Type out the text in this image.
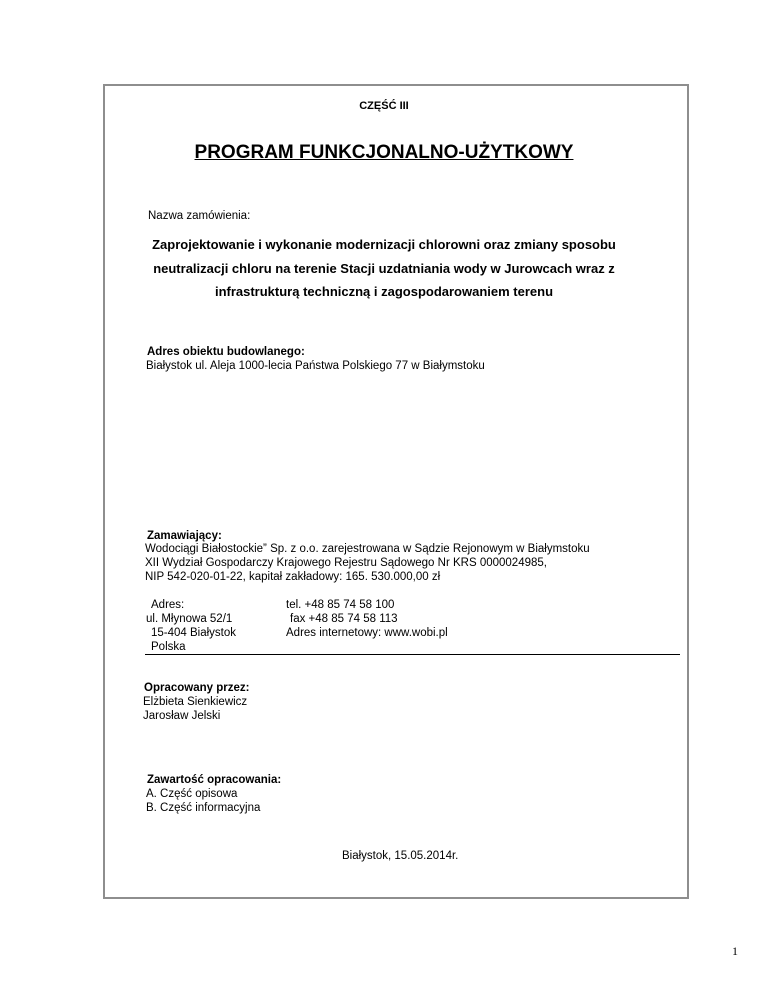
CZĘŚĆ III
PROGRAM FUNKCJONALNO-UŻYTKOWY
Nazwa zamówienia:
Zaprojektowanie i wykonanie modernizacji chlorowni oraz zmiany sposobu
neutralizacji chloru na terenie Stacji uzdatniania wody w Jurowcach wraz z
infrastrukturą techniczną i zagospodarowaniem terenu
Adres obiektu budowlanego:
Białystok ul. Aleja 1000-lecia Państwa Polskiego 77 w Białymstoku
Zamawiający:
Wodociągi Białostockie” Sp. z o.o. zarejestrowana w Sądzie Rejonowym w Białymstoku
XII Wydział Gospodarczy Krajowego Rejestru Sądowego Nr KRS 0000024985,
NIP 542-020-01-22, kapitał zakładowy: 165. 530.000,00 zł
Adres:
ul. Młynowa 52/1
15-404 Białystok
Polska
tel. +48 85 74 58 100
fax +48 85 74 58 113
Adres internetowy: www.wobi.pl
Opracowany przez:
Elżbieta Sienkiewicz
Jarosław Jelski
Zawartość opracowania:
A. Część opisowa
B. Część informacyjna
Białystok, 15.05.2014r.
1
